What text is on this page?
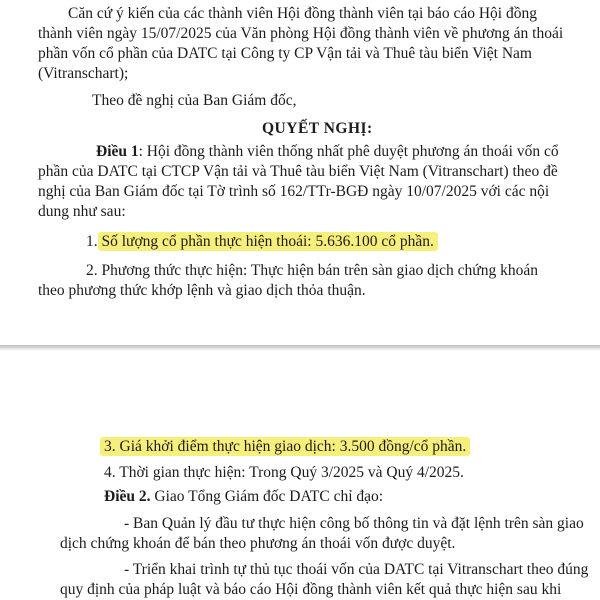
Căn cứ ý kiến của các thành viên Hội đồng thành viên tại báo cáo Hội đồng
thành viên ngày 15/07/2025 của Văn phòng Hội đồng thành viên về phương án thoái
phần vốn cổ phần của DATC tại Công ty CP Vận tải và Thuê tàu biển Việt Nam
(Vitranschart);
Theo đề nghị của Ban Giám đốc,
QUYẾT NGHỊ:
Điều 1: Hội đồng thành viên thống nhất phê duyệt phương án thoái vốn cổ
phần của DATC tại CTCP Vận tải và Thuê tàu biển Việt Nam (Vitranschart) theo đề
nghị của Ban Giám đốc tại Tờ trình số 162/TTr-BGĐ ngày 10/07/2025 với các nội
dung như sau:
1. Số lượng cổ phần thực hiện thoái: 5.636.100 cổ phần.
2. Phương thức thực hiện: Thực hiện bán trên sàn giao dịch chứng khoán
theo phương thức khớp lệnh và giao dịch thỏa thuận.
3. Giá khởi điểm thực hiện giao dịch: 3.500 đồng/cổ phần.
4. Thời gian thực hiện: Trong Quý 3/2025 và Quý 4/2025.
Điều 2. Giao Tổng Giám đốc DATC chỉ đạo:
- Ban Quản lý đầu tư thực hiện công bố thông tin và đặt lệnh trên sàn giao
dịch chứng khoán để bán theo phương án thoái vốn được duyệt.
- Triển khai trình tự thủ tục thoái vốn của DATC tại Vitranschart theo đúng
quy định của pháp luật và báo cáo Hội đồng thành viên kết quả thực hiện sau khi
